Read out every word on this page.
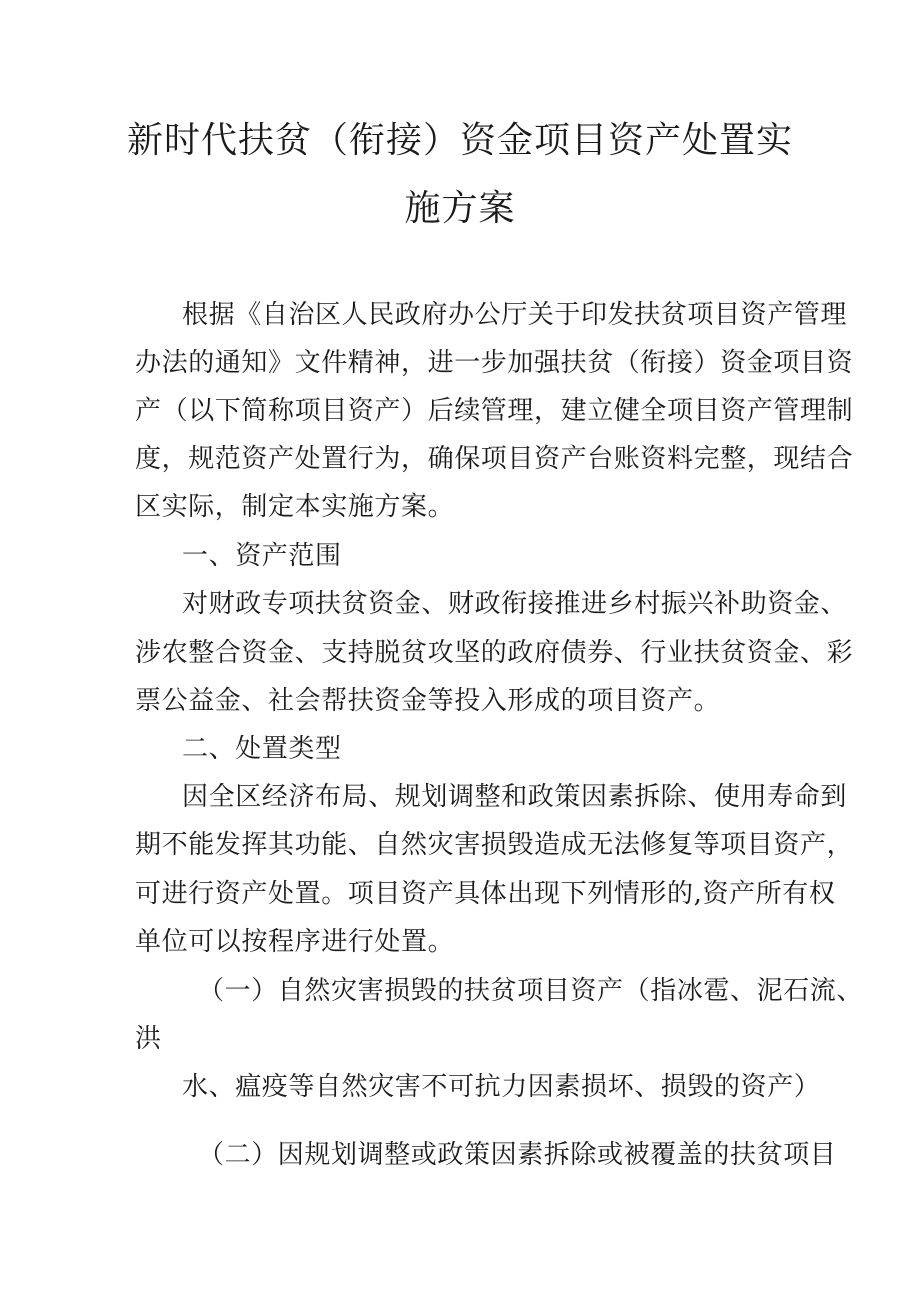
新时代扶贫（衔接）资金项目资产处置实
施方案
根据《自治区人民政府办公厅关于印发扶贫项目资产管理
办法的通知》文件精神，进一步加强扶贫（衔接）资金项目资
产（以下简称项目资产）后续管理，建立健全项目资产管理制
度，规范资产处置行为，确保项目资产台账资料完整，现结合
区实际，制定本实施方案。
一、资产范围
对财政专项扶贫资金、财政衔接推进乡村振兴补助资金、
涉农整合资金、支持脱贫攻坚的政府债券、行业扶贫资金、彩
票公益金、社会帮扶资金等投入形成的项目资产。
二、处置类型
因全区经济布局、规划调整和政策因素拆除、使用寿命到
期不能发挥其功能、自然灾害损毁造成无法修复等项目资产，
可进行资产处置。项目资产具体出现下列情形的,资产所有权
单位可以按程序进行处置。
（一）自然灾害损毁的扶贫项目资产（指冰雹、泥石流、
洪
水、瘟疫等自然灾害不可抗力因素损坏、损毁的资产）
（二）因规划调整或政策因素拆除或被覆盖的扶贫项目
